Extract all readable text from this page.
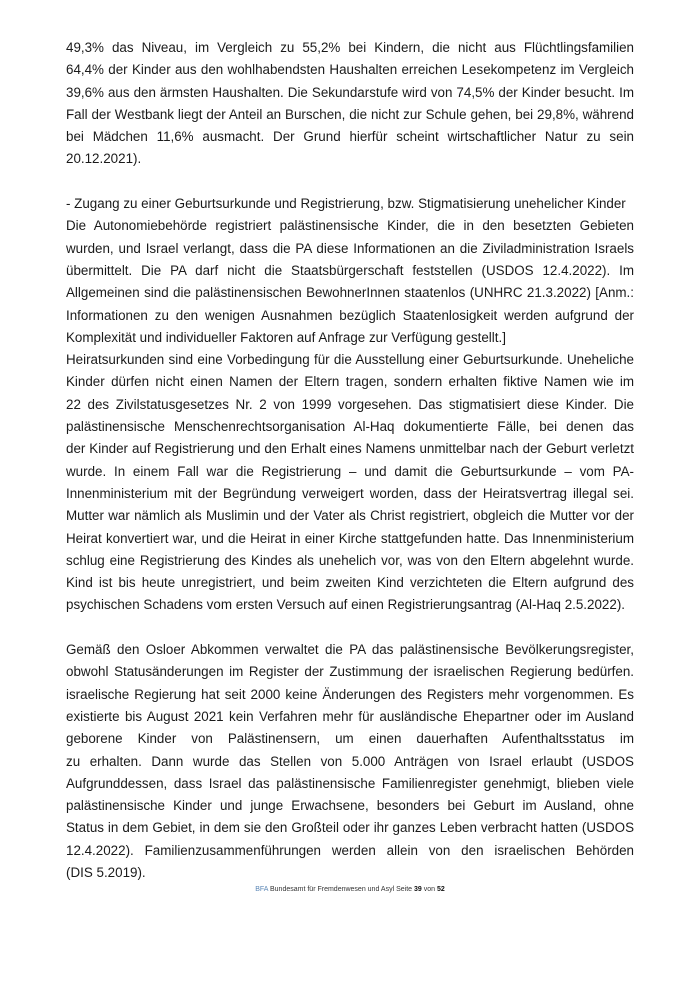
49,3% das Niveau, im Vergleich zu 55,2% bei Kindern, die nicht aus Flüchtlingsfamilien
64,4% der Kinder aus den wohlhabendsten Haushalten erreichen Lesekompetenz im Vergleich
39,6% aus den ärmsten Haushalten. Die Sekundarstufe wird von 74,5% der Kinder besucht. Im
Fall der Westbank liegt der Anteil an Burschen, die nicht zur Schule gehen, bei 29,8%, während
bei Mädchen 11,6% ausmacht. Der Grund hierfür scheint wirtschaftlicher Natur zu sein
20.12.2021).
- Zugang zu einer Geburtsurkunde und Registrierung, bzw. Stigmatisierung unehelicher Kinder
Die Autonomiebehörde registriert palästinensische Kinder, die in den besetzten Gebieten
wurden, und Israel verlangt, dass die PA diese Informationen an die Ziviladministration Israels
übermittelt. Die PA darf nicht die Staatsbürgerschaft feststellen (USDOS 12.4.2022). Im
Allgemeinen sind die palästinensischen BewohnerInnen staatenlos (UNHRC 21.3.2022) [Anm.:
Informationen zu den wenigen Ausnahmen bezüglich Staatenlosigkeit werden aufgrund der
Komplexität und individueller Faktoren auf Anfrage zur Verfügung gestellt.]
Heiratsurkunden sind eine Vorbedingung für die Ausstellung einer Geburtsurkunde. Uneheliche
Kinder dürfen nicht einen Namen der Eltern tragen, sondern erhalten fiktive Namen wie im
22 des Zivilstatusgesetzes Nr. 2 von 1999 vorgesehen. Das stigmatisiert diese Kinder. Die
palästinensische Menschenrechtsorganisation Al-Haq dokumentierte Fälle, bei denen das
der Kinder auf Registrierung und den Erhalt eines Namens unmittelbar nach der Geburt verletzt
wurde. In einem Fall war die Registrierung – und damit die Geburtsurkunde – vom PA-
Innenministerium mit der Begründung verweigert worden, dass der Heiratsvertrag illegal sei.
Mutter war nämlich als Muslimin und der Vater als Christ registriert, obgleich die Mutter vor der
Heirat konvertiert war, und die Heirat in einer Kirche stattgefunden hatte. Das Innenministerium
schlug eine Registrierung des Kindes als unehelich vor, was von den Eltern abgelehnt wurde.
Kind ist bis heute unregistriert, und beim zweiten Kind verzichteten die Eltern aufgrund des
psychischen Schadens vom ersten Versuch auf einen Registrierungsantrag (Al-Haq 2.5.2022).
Gemäß den Osloer Abkommen verwaltet die PA das palästinensische Bevölkerungsregister,
obwohl Statusänderungen im Register der Zustimmung der israelischen Regierung bedürfen.
israelische Regierung hat seit 2000 keine Änderungen des Registers mehr vorgenommen. Es
existierte bis August 2021 kein Verfahren mehr für ausländische Ehepartner oder im Ausland
geborene Kinder von Palästinensern, um einen dauerhaften Aufenthaltsstatus im
zu erhalten. Dann wurde das Stellen von 5.000 Anträgen von Israel erlaubt (USDOS
Aufgrunddessen, dass Israel das palästinensische Familienregister genehmigt, blieben viele
palästinensische Kinder und junge Erwachsene, besonders bei Geburt im Ausland, ohne
Status in dem Gebiet, in dem sie den Großteil oder ihr ganzes Leben verbracht hatten (USDOS
12.4.2022). Familienzusammenführungen werden allein von den israelischen Behörden
(DIS 5.2019).
BFA Bundesamt für Fremdenwesen und Asyl Seite 39 von 52
